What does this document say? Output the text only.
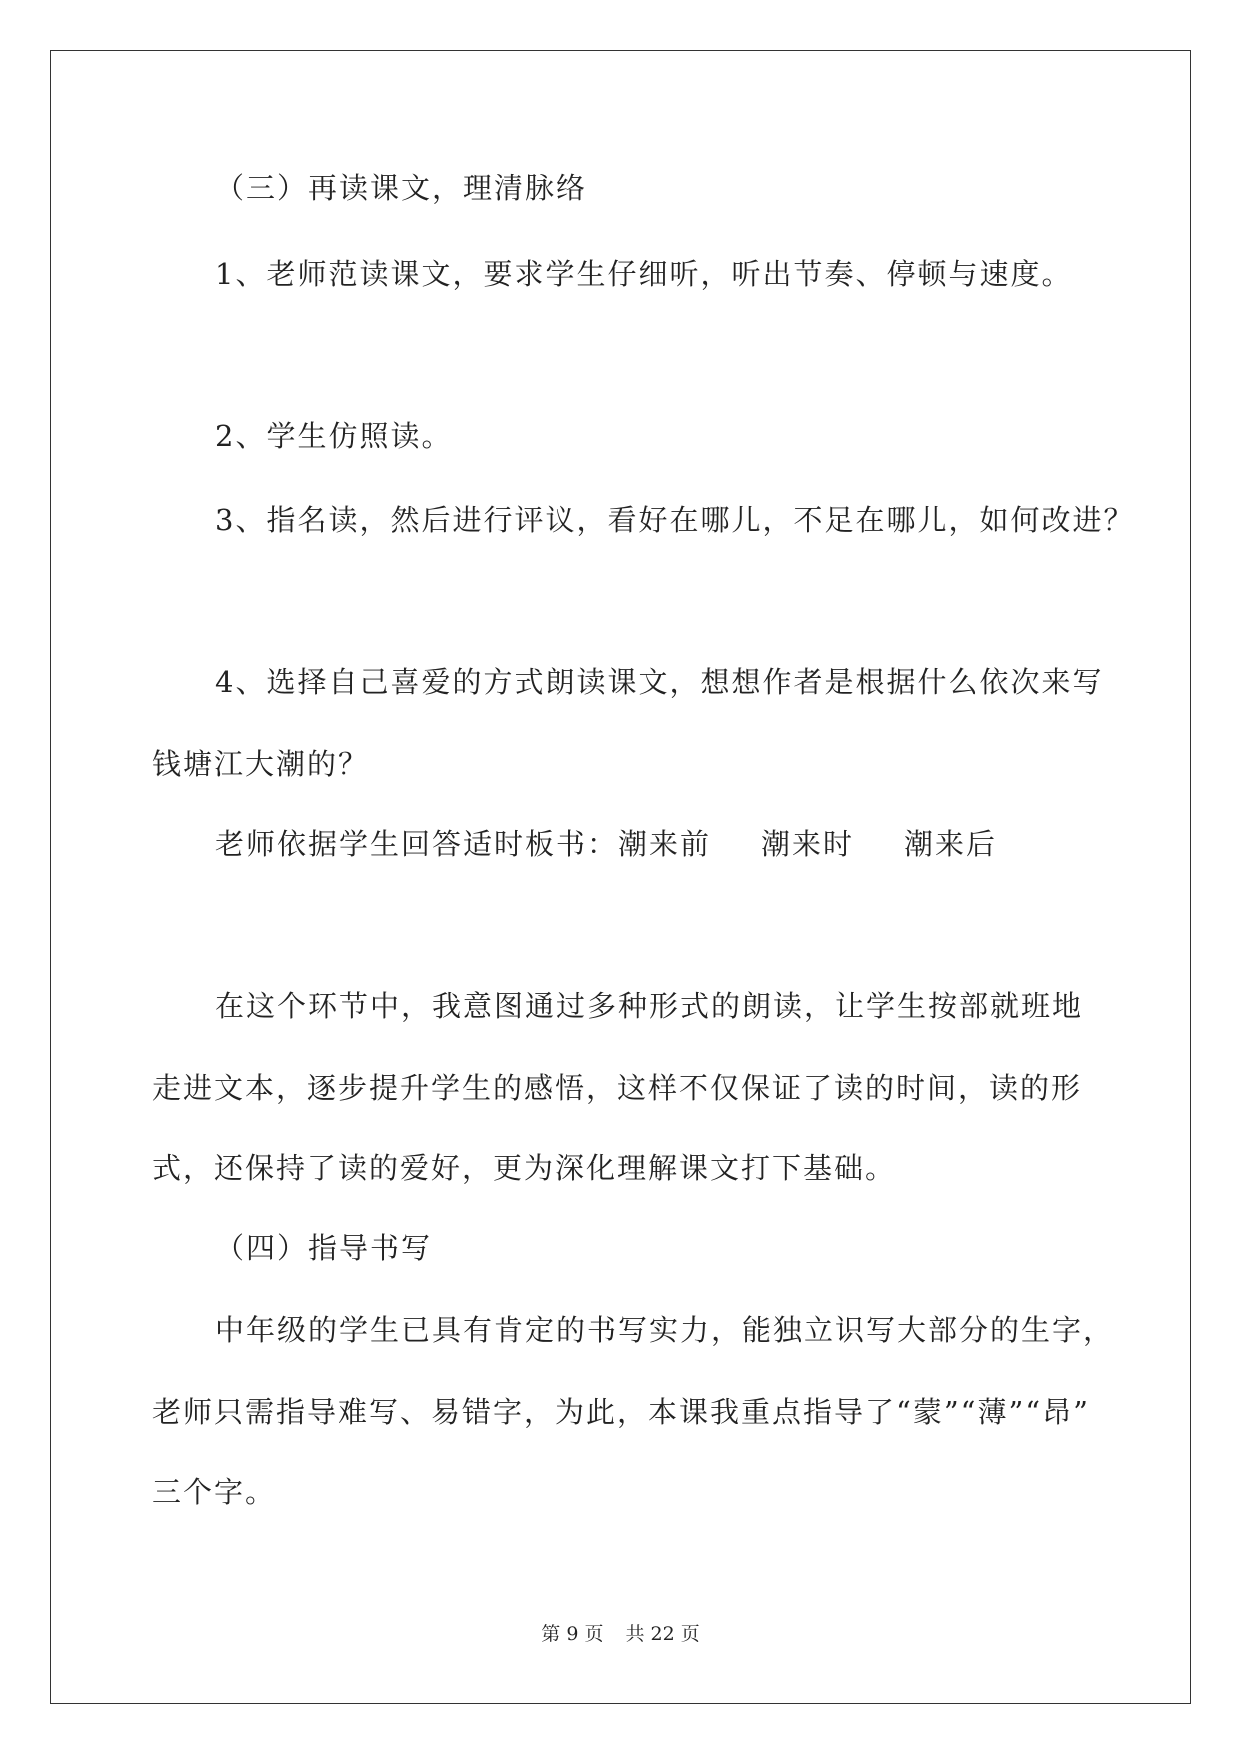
（三）再读课文，理清脉络
1、老师范读课文，要求学生仔细听，听出节奏、停顿与速度。
2、学生仿照读。
3、指名读，然后进行评议，看好在哪儿，不足在哪儿，如何改进？
4、选择自己喜爱的方式朗读课文，想想作者是根据什么依次来写
钱塘江大潮的？
老师依据学生回答适时板书：潮来前 潮来时 潮来后
在这个环节中，我意图通过多种形式的朗读，让学生按部就班地
走进文本，逐步提升学生的感悟，这样不仅保证了读的时间，读的形
式，还保持了读的爱好，更为深化理解课文打下基础。
（四）指导书写
中年级的学生已具有肯定的书写实力，能独立识写大部分的生字，
老师只需指导难写、易错字，为此，本课我重点指导了“蒙”“薄”“昂”
三个字。
第 9 页 共 22 页
